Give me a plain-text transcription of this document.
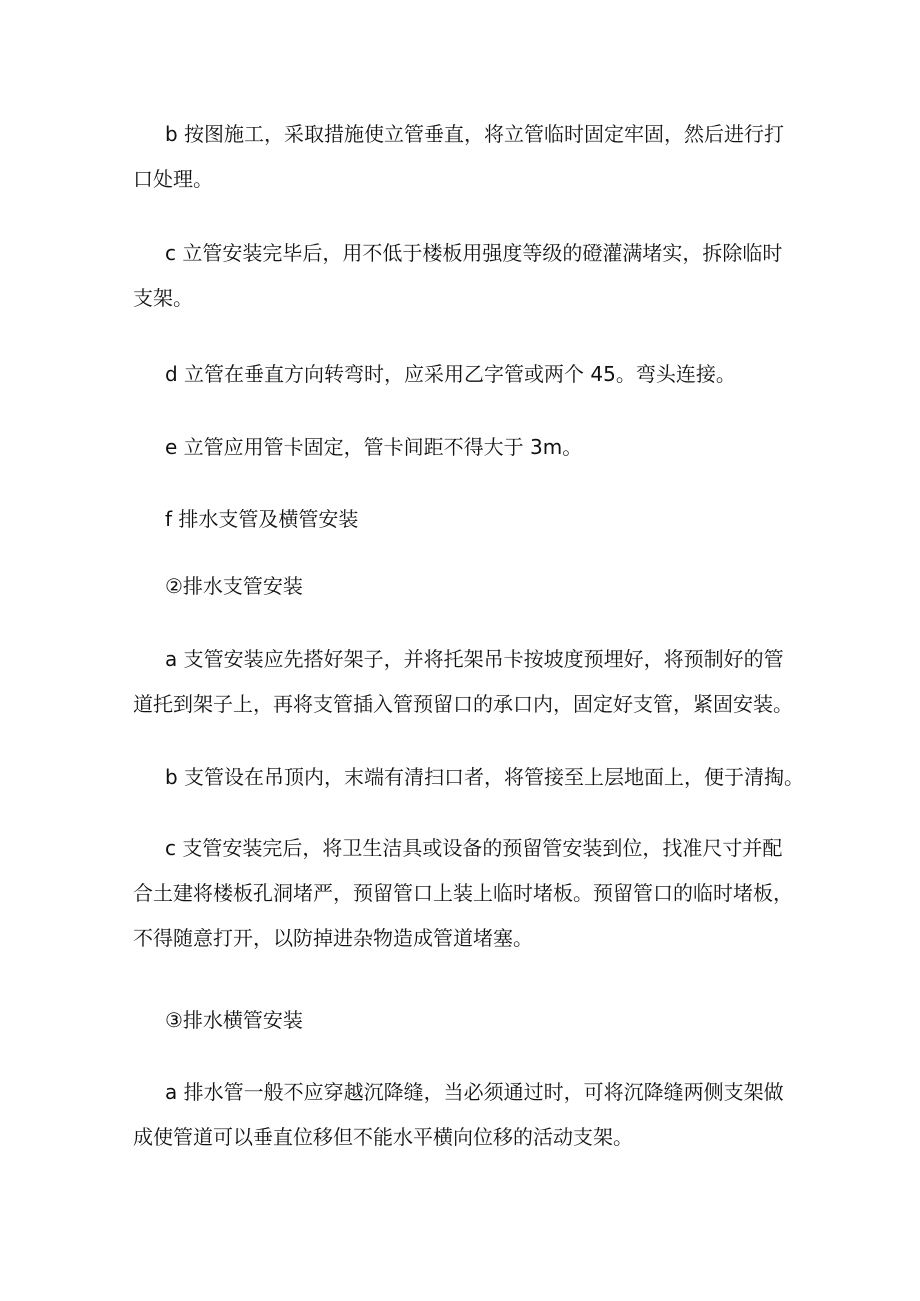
b 按图施工，采取措施使立管垂直，将立管临时固定牢固，然后进行打
口处理。

c 立管安装完毕后，用不低于楼板用强度等级的磴灌满堵实，拆除临时
支架。

d 立管在垂直方向转弯时，应采用乙字管或两个 45。弯头连接。

e 立管应用管卡固定，管卡间距不得大于 3m。

f 排水支管及横管安装

②排水支管安装

a 支管安装应先搭好架子，并将托架吊卡按坡度预埋好，将预制好的管
道托到架子上，再将支管插入管预留口的承口内，固定好支管，紧固安装。

b 支管设在吊顶内，末端有清扫口者，将管接至上层地面上，便于清掏。

c 支管安装完后，将卫生洁具或设备的预留管安装到位，找准尺寸并配
合土建将楼板孔洞堵严，预留管口上装上临时堵板。预留管口的临时堵板，
不得随意打开，以防掉进杂物造成管道堵塞。

③排水横管安装

a 排水管一般不应穿越沉降缝，当必须通过时，可将沉降缝两侧支架做
成使管道可以垂直位移但不能水平横向位移的活动支架。
